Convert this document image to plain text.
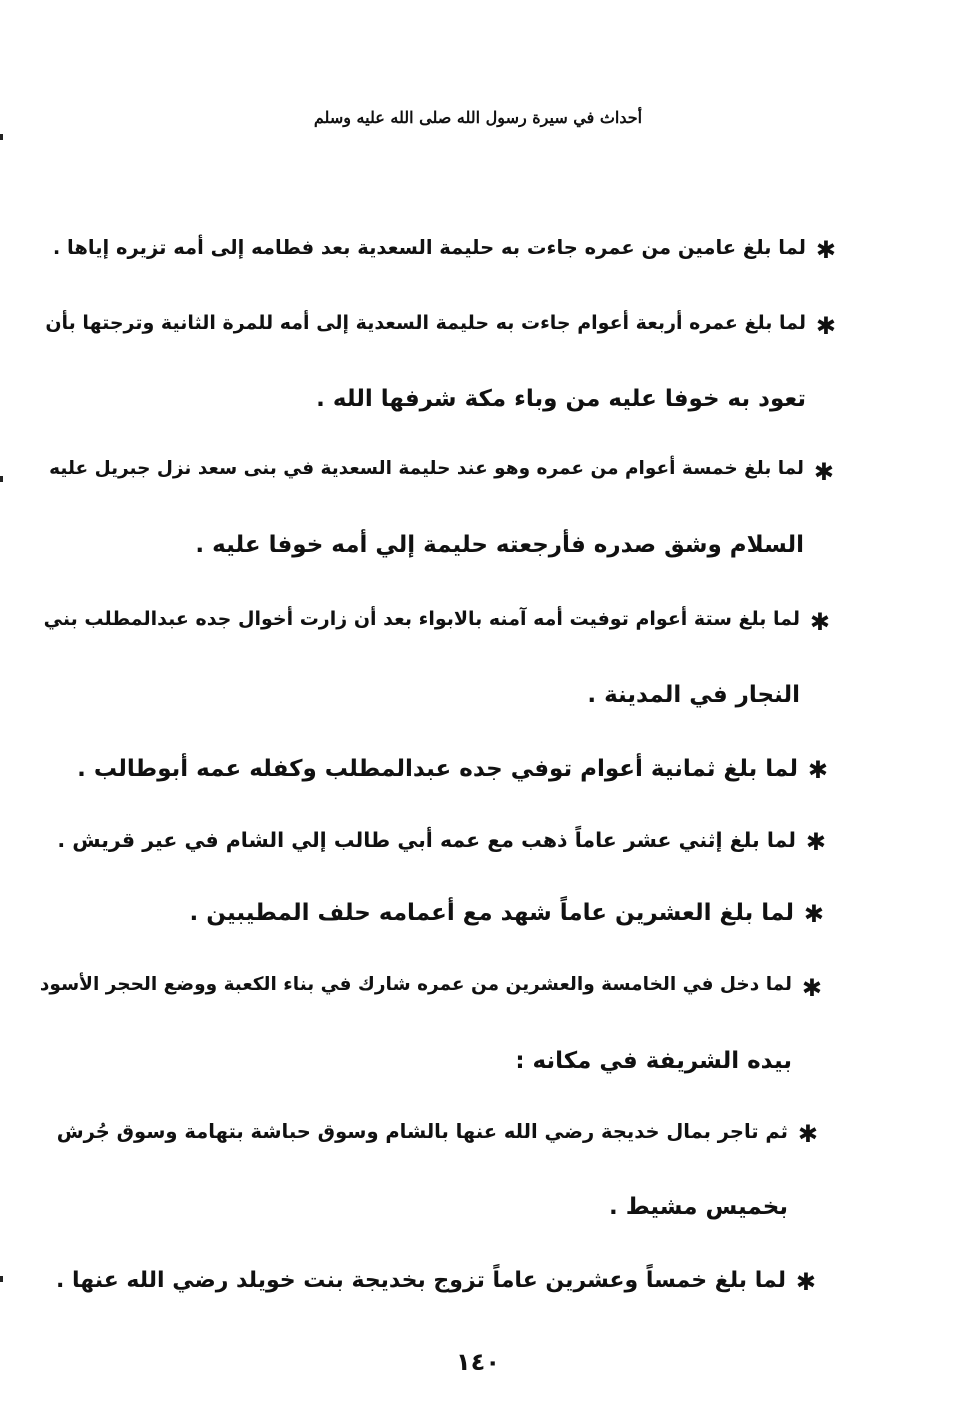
أحداث في سيرة رسول الله صلى الله عليه وسلم
✱
لما بلغ عامين من عمره جاءت به حليمة السعدية بعد فطامه إلى أمه تزيره إياها .
✱
لما بلغ عمره أربعة أعوام جاءت به حليمة السعدية إلى أمه للمرة الثانية وترجتها بأن
تعود به خوفا عليه من وباء مكة شرفها الله .
✱
لما بلغ خمسة أعوام من عمره وهو عند حليمة السعدية في بنى سعد نزل جبريل عليه
السلام وشق صدره فأرجعته حليمة إلي أمه خوفا عليه .
✱
لما بلغ ستة أعوام توفيت أمه آمنه بالابواء بعد أن زارت أخوال جده عبدالمطلب بني
النجار في المدينة .
✱
لما بلغ ثمانية أعوام توفي جده عبدالمطلب وكفله عمه أبوطالب .
✱
لما بلغ إثني عشر عاماً ذهب مع عمه أبي طالب إلي الشام في عير قريش .
✱
لما بلغ العشرين عاماً شهد مع أعمامه حلف المطيبين .
✱
لما دخل في الخامسة والعشرين من عمره شارك في بناء الكعبة ووضع الحجر الأسود
بيده الشريفة في مكانه :
✱
ثم تاجر بمال خديجة رضي الله عنها بالشام وسوق حباشة بتهامة وسوق جُرش
بخميس مشيط .
✱
لما بلغ خمساً وعشرين عاماً تزوج بخديجة بنت خويلد رضي الله عنها .
١٤٠
